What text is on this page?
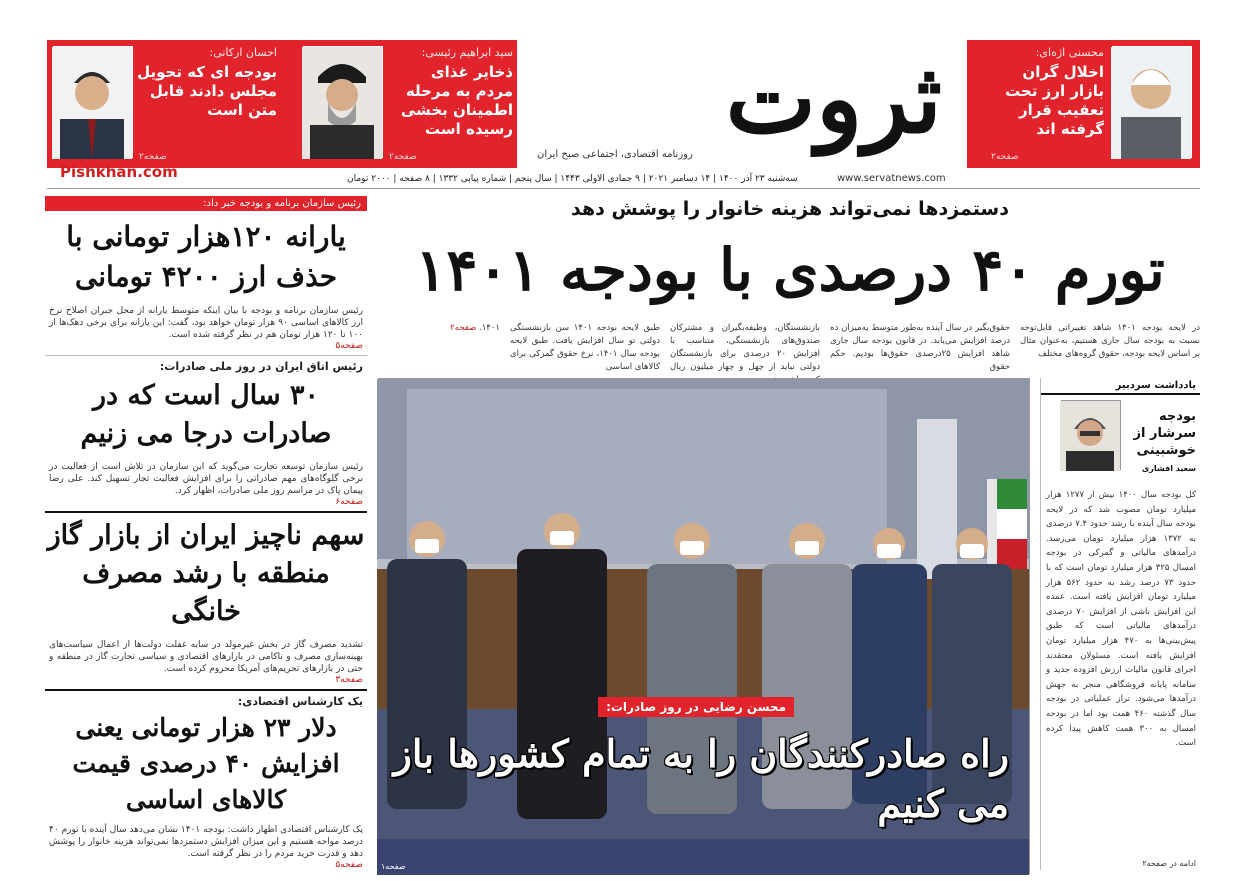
محسنی اژه‌ای:
اخلال گران بازار ارز تحت تعقیب قرار گرفته اند
صفحه۲
ثروت
روزنامه اقتصادی، اجتماعی صبح ایران
سید ابراهیم رئیسی:
ذخایر غذای مردم به مرحله اطمینان بخشی رسیده است
صفحه۲
احسان ارکانی:
بودجه ای که تحویل مجلس دادند قابل متن است
صفحه۲
Pishkhan.com	www.servatnews.com
سه‌شنبه ۲۳ آذر ۱۴۰۰ | ۱۴ دسامبر ۲۰۲۱ | ۹ جمادی الاولی ۱۴۴۳ | سال پنجم | شماره پیاپی ۱۳۳۲ | ۸ صفحه | ۲۰۰۰ تومان
رئیس سازمان برنامه و بودجه خبر داد:
یارانه ۱۲۰هزار تومانی با حذف ارز ۴۲۰۰ تومانی
رئیس سازمان برنامه و بودجه با بیان اینکه متوسط یارانه از محل جبران اصلاح نرخ ارز کالاهای اساسی ۹۰ هزار تومان خواهد بود، گفت: این یارانه برای برخی دهک‌ها از ۱۰۰ تا ۱۲۰ هزار تومان هم در نظر گرفته شده است.
صفحه۵
رئیس اتاق ایران در روز ملی صادرات:
۳۰ سال است که در صادرات درجا می زنیم
رئیس سازمان توسعه تجارت می‌گوید که این سازمان در تلاش است از فعالیت در برخی گلوگاه‌های مهم صادراتی را برای افزایش فعالیت تجار تسهیل کند. علی رضا پیمان پاک در مراسم روز ملی صادرات، اظهار کرد.
صفحه۶
سهم ناچیز ایران از بازار گاز منطقه با رشد مصرف خانگی
تشدید مصرف گاز در بخش غیرمولد در سایه غفلت دولت‌ها از اعمال سیاست‌های بهینه‌سازی مصرف و ناکامی در بازارهای اقتصادی و سیاسی تجارت گاز در منطقه و حتی در بازارهای تحریم‌های آمریکا محروم کرده است.
صفحه۳
یک کارشناس اقتصادی:
دلار ۲۳ هزار تومانی یعنی افزایش ۴۰ درصدی قیمت کالاهای اساسی
یک کارشناس اقتصادی اظهار داشت: بودجه ۱۴۰۱ نشان می‌دهد سال آینده با تورم ۴۰ درصد مواجه هستیم و این میزان افزایش دستمزدها نمی‌تواند هزینه خانوار را پوشش دهد و قدرت خرید مردم را در نظر گرفته است.
صفحه۵
دستمزدها نمی‌تواند هزینه خانوار را پوشش دهد
تورم ۴۰ درصدی با بودجه ۱۴۰۱
در لایحه بودجه ۱۴۰۱ شاهد تغییراتی قابل‌توجه نسبت به بودجه سال جاری هستیم، به‌عنوان مثال بر اساس لایحه بودجه، حقوق گروه‌های مختلف
حقوق‌بگیر در سال آینده به‌طور متوسط به‌میزان ده درصد افزایش می‌یابد. در قانون بودجه سال جاری شاهد افزایش ۲۵درصدی حقوق‌ها بودیم. حکم حقوق
بازنشستگان، وظیفه‌بگیران و مشترکان صندوق‌های بازنشستگی، متناسب با افزایش ۲۰ درصدی برای بازنشستگان دولتی نباید از چهل و چهار میلیون ریال
طبق لایحه بودجه ۱۴۰۱ سن بازنشستگی دولتی تو سال افزایش یافت. طبق لایحه بودجه سال ۱۴۰۱، نرخ حقوق گمرکی برای کالاهای اساسی
۱۴۰۱. صفحه۲
محسن رضایی در روز صادرات:
راه صادرکنندگان را به تمام کشورها باز می کنیم
صفحه۱
یادداشت سردبیر
بودجه سرشار از خوشبینی
سعید افشاری
کل بودجه سال ۱۴۰۰ بیش از ۱۲۷۷ هزار میلیارد تومان مصوب شد که در لایحه بودجه سال آینده با رشد حدود ۷.۴ درصدی به ۱۳۷۲ هزار میلیارد تومان می‌رسد. درآمدهای مالیاتی و گمرکی در بودجه امسال ۳۲۵ هزار میلیارد تومان است که با حدود ۷۳ درصد رشد به حدود ۵۶۲ هزار میلیارد تومان افزایش یافته است. عمده این افزایش ناشی از افزایش ۷۰ درصدی درآمدهای مالیاتی است که طبق پیش‌بینی‌ها به ۴۷۰ هزار میلیارد تومان افزایش یافته است. مسئولان معتقدند اجرای قانون مالیات ارزش افزوده جدید و سامانه پایانه فروشگاهی منجر به جهش درآمدها می‌شود. تراز عملیاتی در بودجه سال گذشته ۴۶۰ همت بود اما در بودجه امسال به ۳۰۰ همت کاهش پیدا کرده است.
ادامه در صفحه۲
